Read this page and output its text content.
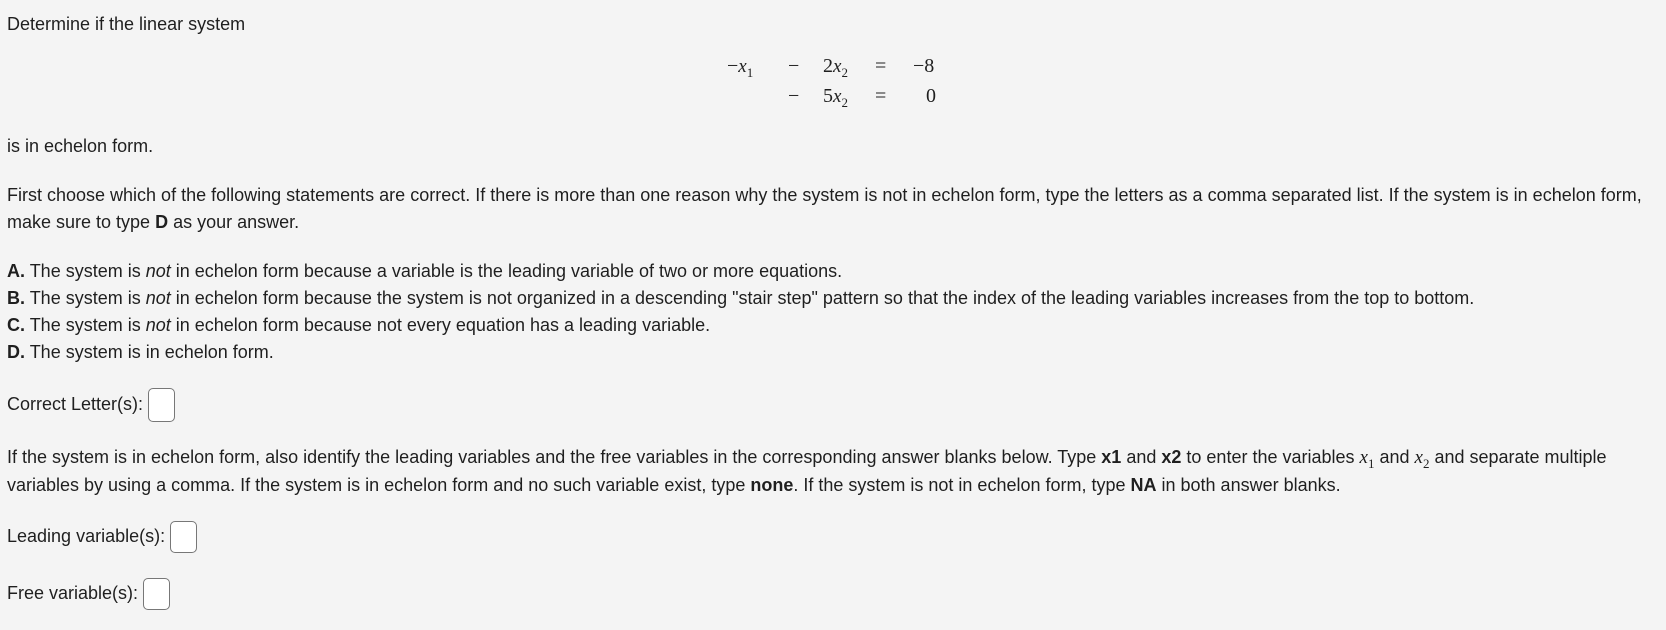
Determine if the linear system
$-x_1 - 2x_2 = -8$
− $5x_2 = 0$
is in echelon form.
First choose which of the following statements are correct. If there is more than one reason why the system is not in echelon form, type the letters as a comma separated list. If the system is in echelon form, make sure to type D as your answer.
A. The system is not in echelon form because a variable is the leading variable of two or more equations.
B. The system is not in echelon form because the system is not organized in a descending "stair step" pattern so that the index of the leading variables increases from the top to bottom.
C. The system is not in echelon form because not every equation has a leading variable.
D. The system is in echelon form.
Correct Letter(s):
If the system is in echelon form, also identify the leading variables and the free variables in the corresponding answer blanks below. Type x1 and x2 to enter the variables $x_1$ and $x_2$ and separate multiple variables by using a comma. If the system is in echelon form and no such variable exist, type none. If the system is not in echelon form, type NA in both answer blanks.
Leading variable(s):
Free variable(s):
